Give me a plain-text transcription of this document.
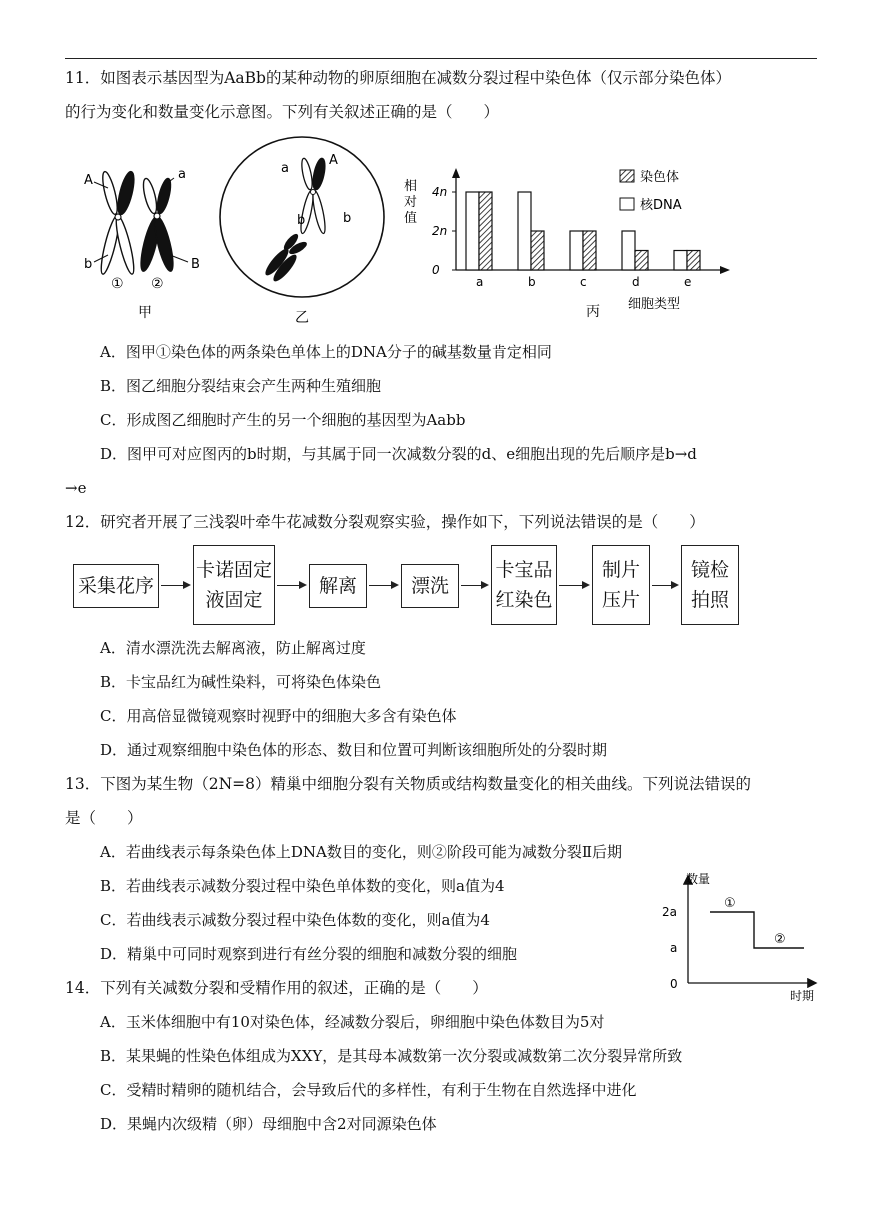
11．如图表示基因型为AaBb的某种动物的卵原细胞在减数分裂过程中染色体（仅示部分染色体）
的行为变化和数量变化示意图。下列有关叙述正确的是（　　）
A	a
b	B
① ②
甲
a
A
b	b
乙
0
2n
4n
a	b	c	d	e
相
对
值
染色体
核DNA
丙 细胞类型
A．图甲①染色体的两条染色单体上的DNA分子的碱基数量肯定相同
B．图乙细胞分裂结束会产生两种生殖细胞
C．形成图乙细胞时产生的另一个细胞的基因型为Aabb
D．图甲可对应图丙的b时期，与其属于同一次减数分裂的d、e细胞出现的先后顺序是b→d
→e
12．研究者开展了三浅裂叶牵牛花减数分裂观察实验，操作如下，下列说法错误的是（　　）
采集花序
卡诺固定
液固定
解离	漂洗
卡宝品
红染色
制片
压片
镜检
拍照
A．清水漂洗洗去解离液，防止解离过度
B．卡宝品红为碱性染料，可将染色体染色
C．用高倍显微镜观察时视野中的细胞大多含有染色体
D．通过观察细胞中染色体的形态、数目和位置可判断该细胞所处的分裂时期
13．下图为某生物（2N=8）精巢中细胞分裂有关物质或结构数量变化的相关曲线。下列说法错误的
是（　　）
A．若曲线表示每条染色体上DNA数目的变化，则②阶段可能为减数分裂Ⅱ后期
B．若曲线表示减数分裂过程中染色单体数的变化，则a值为4
C．若曲线表示减数分裂过程中染色体数的变化，则a值为4
D．精巢中可同时观察到进行有丝分裂的细胞和减数分裂的细胞
数量
时期
2a
a
0
①
②
14．下列有关减数分裂和受精作用的叙述，正确的是（　　）
A．玉米体细胞中有10对染色体，经减数分裂后，卵细胞中染色体数目为5对
B．某果蝇的性染色体组成为XXY，是其母本减数第一次分裂或减数第二次分裂异常所致
C．受精时精卵的随机结合，会导致后代的多样性，有利于生物在自然选择中进化
D．果蝇内次级精（卵）母细胞中含2对同源染色体
